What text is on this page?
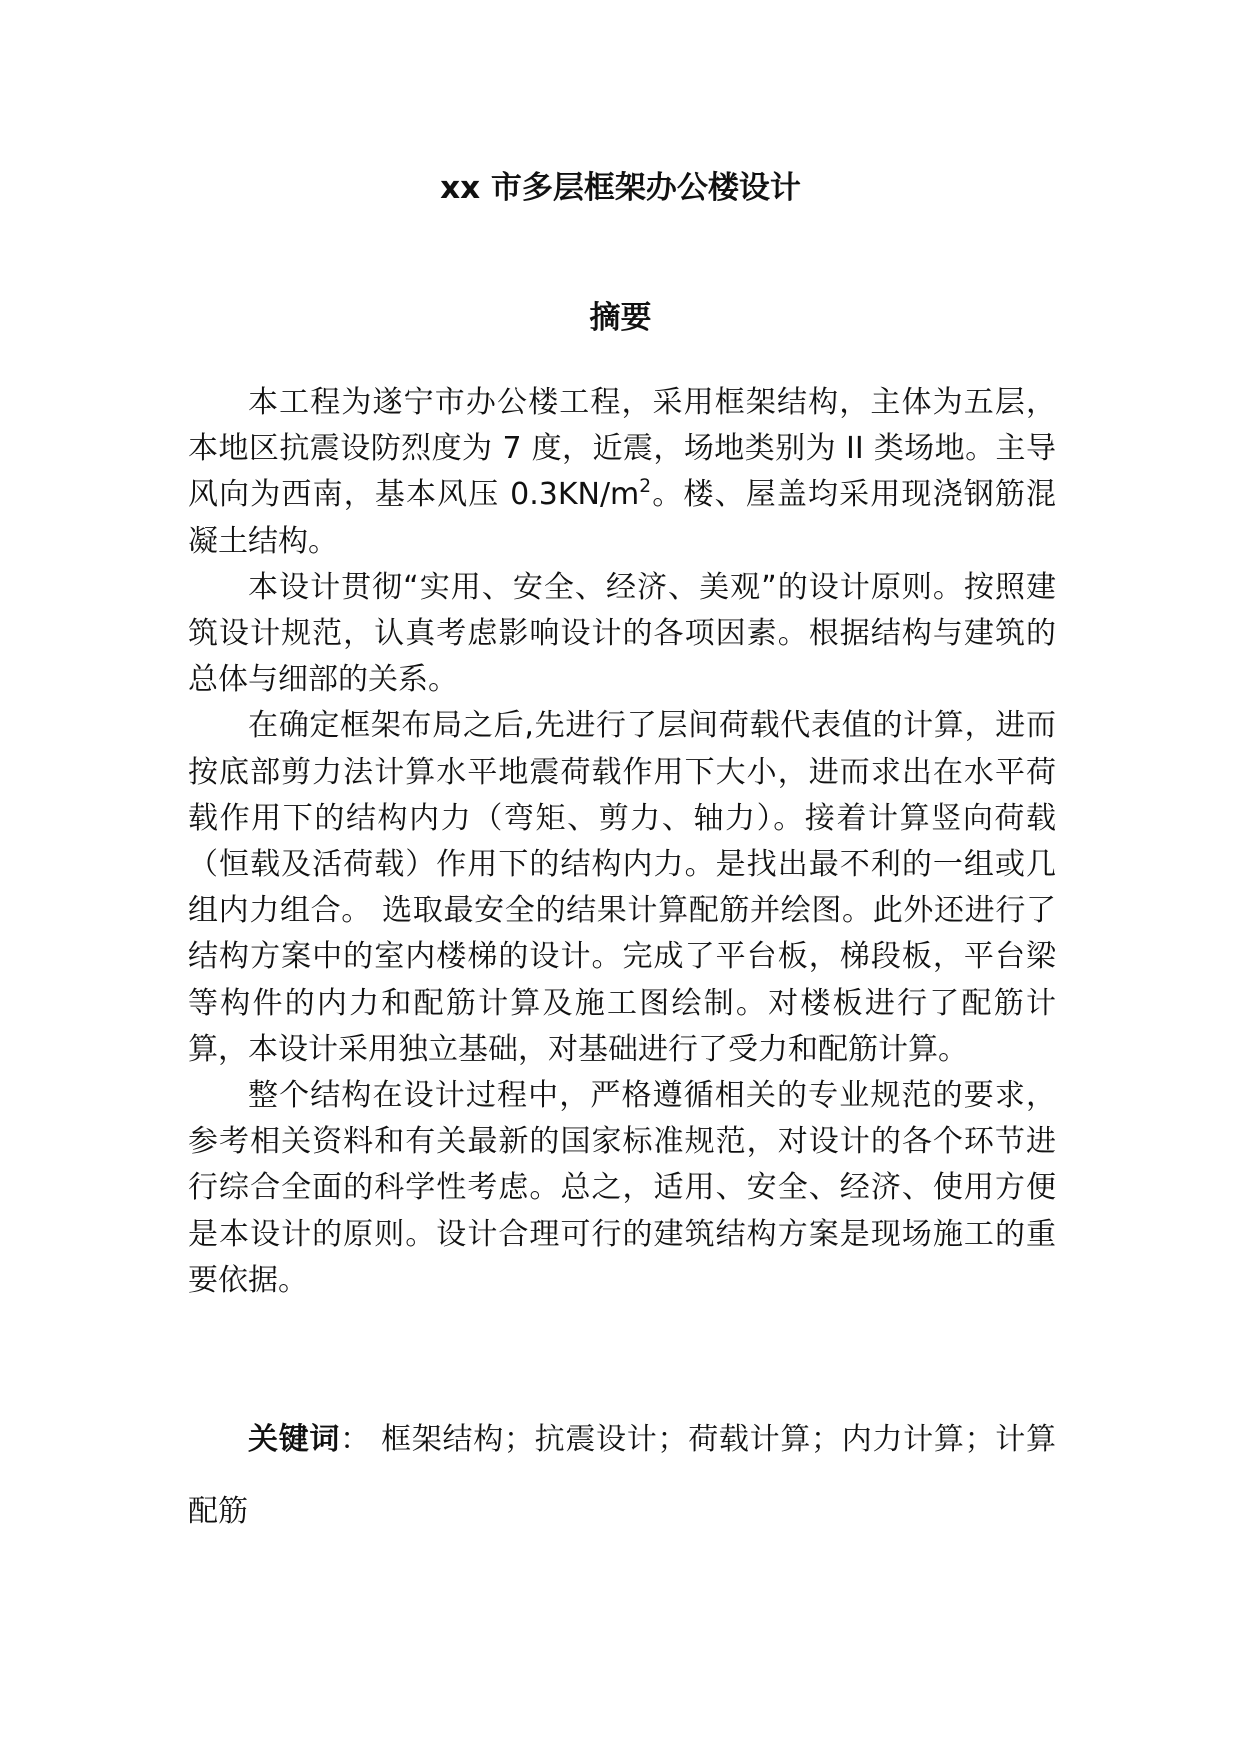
xx 市多层框架办公楼设计
摘要

本工程为遂宁市办公楼工程，采用框架结构，主体为五层，本地区抗震设防烈度为 7 度，近震，场地类别为 II 类场地。主导风向为西南，基本风压 $0.3KN/m^2$。楼、屋盖均采用现浇钢筋混凝土结构。

本设计贯彻“实用、安全、经济、美观”的设计原则。按照建筑设计规范，认真考虑影响设计的各项因素。根据结构与建筑的总体与细部的关系。

在确定框架布局之后,先进行了层间荷载代表值的计算，进而按底部剪力法计算水平地震荷载作用下大小，进而求出在水平荷载作用下的结构内力（弯矩、剪力、轴力）。接着计算竖向荷载（恒载及活荷载）作用下的结构内力。是找出最不利的一组或几组内力组合。 选取最安全的结果计算配筋并绘图。此外还进行了结构方案中的室内楼梯的设计。完成了平台板，梯段板，平台梁等构件的内力和配筋计算及施工图绘制。对楼板进行了配筋计算，本设计采用独立基础，对基础进行了受力和配筋计算。

整个结构在设计过程中，严格遵循相关的专业规范的要求，参考相关资料和有关最新的国家标准规范，对设计的各个环节进行综合全面的科学性考虑。总之，适用、安全、经济、使用方便是本设计的原则。设计合理可行的建筑结构方案是现场施工的重要依据。

关键词： 框架结构；抗震设计；荷载计算；内力计算；计算配筋
